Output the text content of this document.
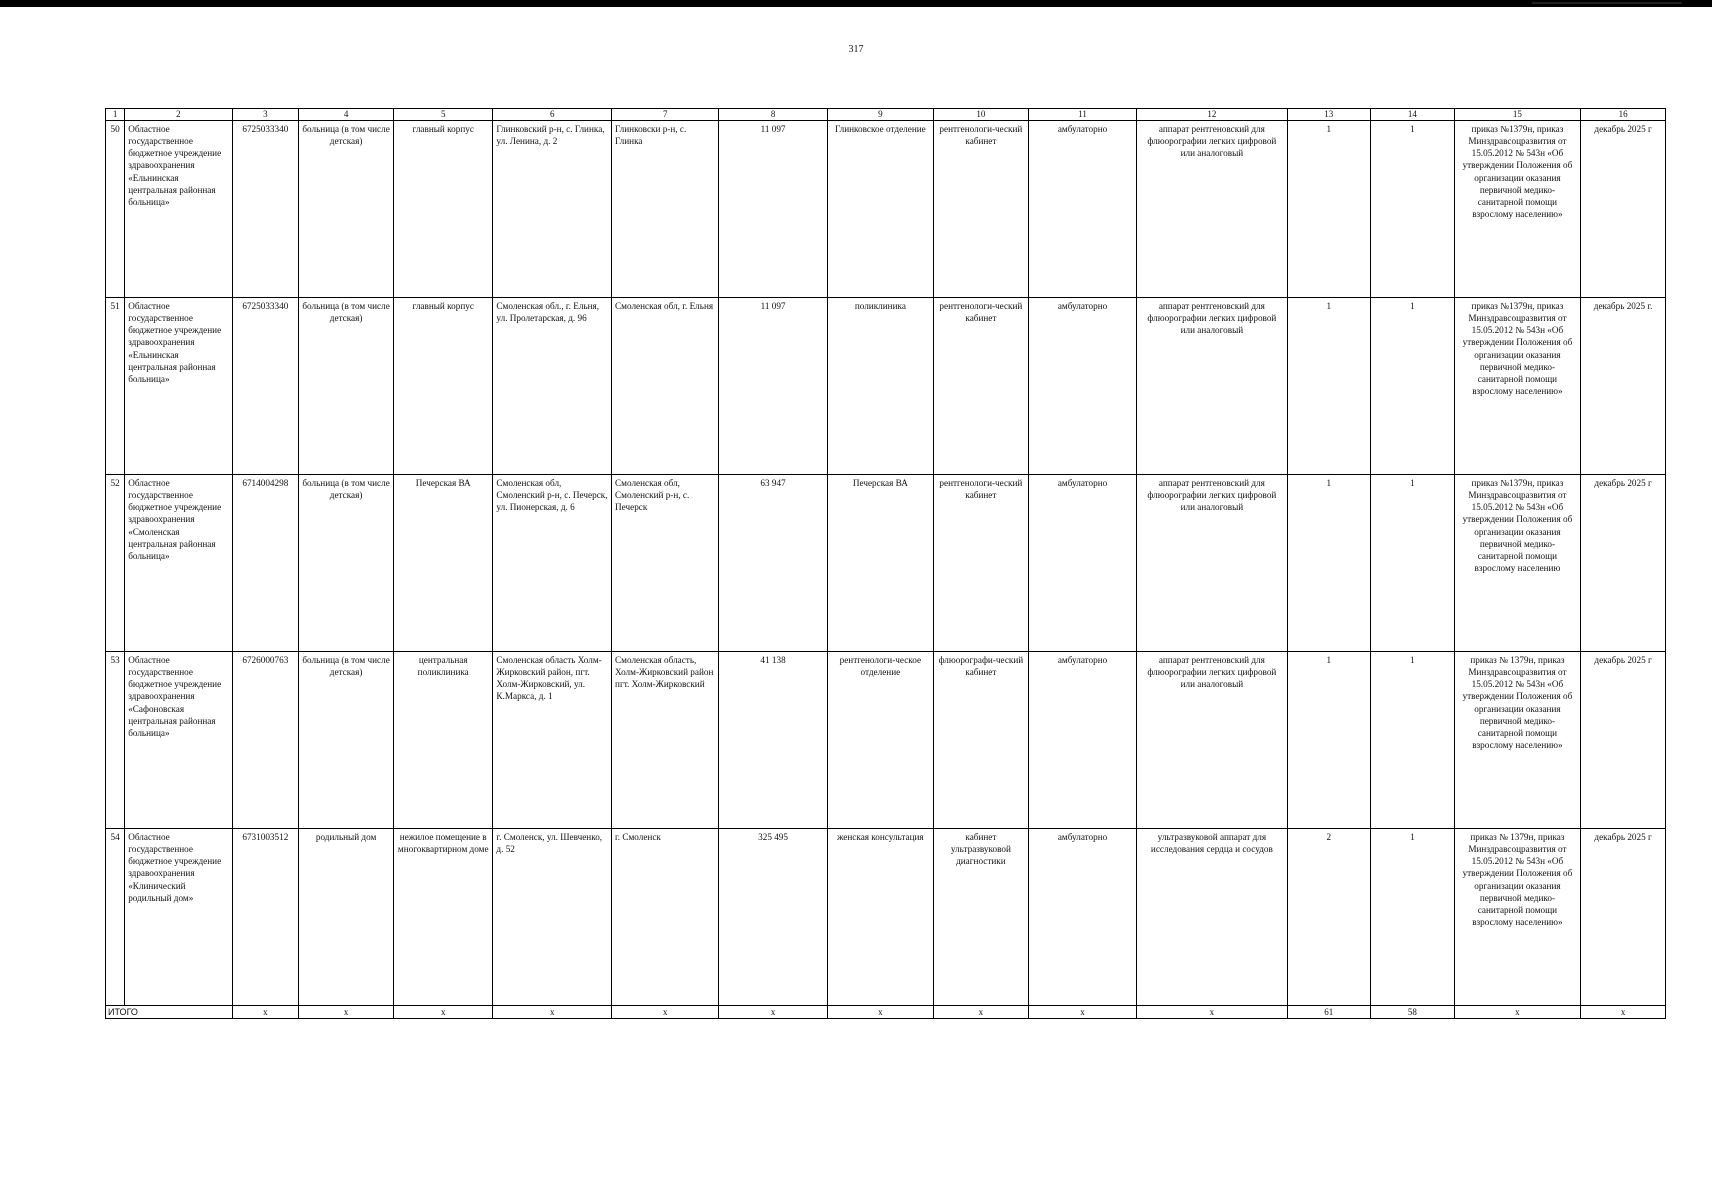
317
1	2	3	4	5	6	7	8	9	10	11	12	13	14	15	16
50	Областное государственное бюджетное учреждение здравоохранения «Ельнинская центральная районная больница»	6725033340	больница (в том числе детская)	главный корпус	Глинковский р-н, с. Глинка, ул. Ленина, д. 2	Глинковски р-н, с. Глинка	11 097	Глинковское отделение	рентгенологи-ческий кабинет	амбулаторно	аппарат рентгеновский для флюорографии легких цифровой или аналоговый	1	1	приказ №1379н, приказ Минздравсоцразвития от 15.05.2012 № 543н «Об утверждении Положения об организации оказания первичной медико-санитарной помощи взрослому населению»	декабрь 2025 г
51	Областное государственное бюджетное учреждение здравоохранения «Ельнинская центральная районная больница»	6725033340	больница (в том числе детская)	главный корпус	Смоленская обл., г. Ельня, ул. Пролетарская, д. 96	Смоленская обл, г. Ельня	11 097	поликлиника	рентгенологи-ческий кабинет	амбулаторно	аппарат рентгеновский для флюорографии легких цифровой или аналоговый	1	1	приказ №1379н, приказ Минздравсоцразвития от 15.05.2012 № 543н «Об утверждении Положения об организации оказания первичной медико-санитарной помощи взрослому населению»	декабрь 2025 г.
52	Областное государственное бюджетное учреждение здравоохранения «Смоленская центральная районная больница»	6714004298	больница (в том числе детская)	Печерская ВА	Смоленская обл, Смоленский р-н, с. Печерск, ул. Пионерская, д. 6	Смоленская обл, Смоленский р-н, с. Печерск	63 947	Печерская ВА	рентгенологи-ческий кабинет	амбулаторно	аппарат рентгеновский для флюорографии легких цифровой или аналоговый	1	1	приказ №1379н, приказ Минздравсоцразвития от 15.05.2012 № 543н «Об утверждении Положения об организации оказания первичной медико-санитарной помощи взрослому населению	декабрь 2025 г
53	Областное государственное бюджетное учреждение здравоохранения «Сафоновская центральная районная больница»	6726000763	больница (в том числе детская)	центральная поликлиника	Смоленская область Холм-Жирковский район, пгт. Холм-Жирковский, ул. К.Маркса, д. 1	Смоленская область, Холм-Жирковский район пгт. Холм-Жирковский	41 138	рентгенологи-ческое отделение	флюорографи-ческий кабинет	амбулаторно	аппарат рентгеновский для флюорографии легких цифровой или аналоговый	1	1	приказ № 1379н, приказ Минздравсоцразвития от 15.05.2012 № 543н «Об утверждении Положения об организации оказания первичной медико-санитарной помощи взрослому населению»	декабрь 2025 г
54	Областное государственное бюджетное учреждение здравоохранения «Клинический родильный дом»	6731003512	родильный дом	нежилое помещение в многоквартирном доме	г. Смоленск, ул. Шевченко, д. 52	г. Смоленск	325 495	женская консультация	кабинет ультразвуковой диагностики	амбулаторно	ультразвуковой аппарат для исследования сердца и сосудов	2	1	приказ № 1379н, приказ Минздравсоцразвития от 15.05.2012 № 543н «Об утверждении Положения об организации оказания первичной медико-санитарной помощи взрослому населению»	декабрь 2025 г
ИТОГО		х	х	х	х	х	х	х	х	х	х	61	58	х	х
